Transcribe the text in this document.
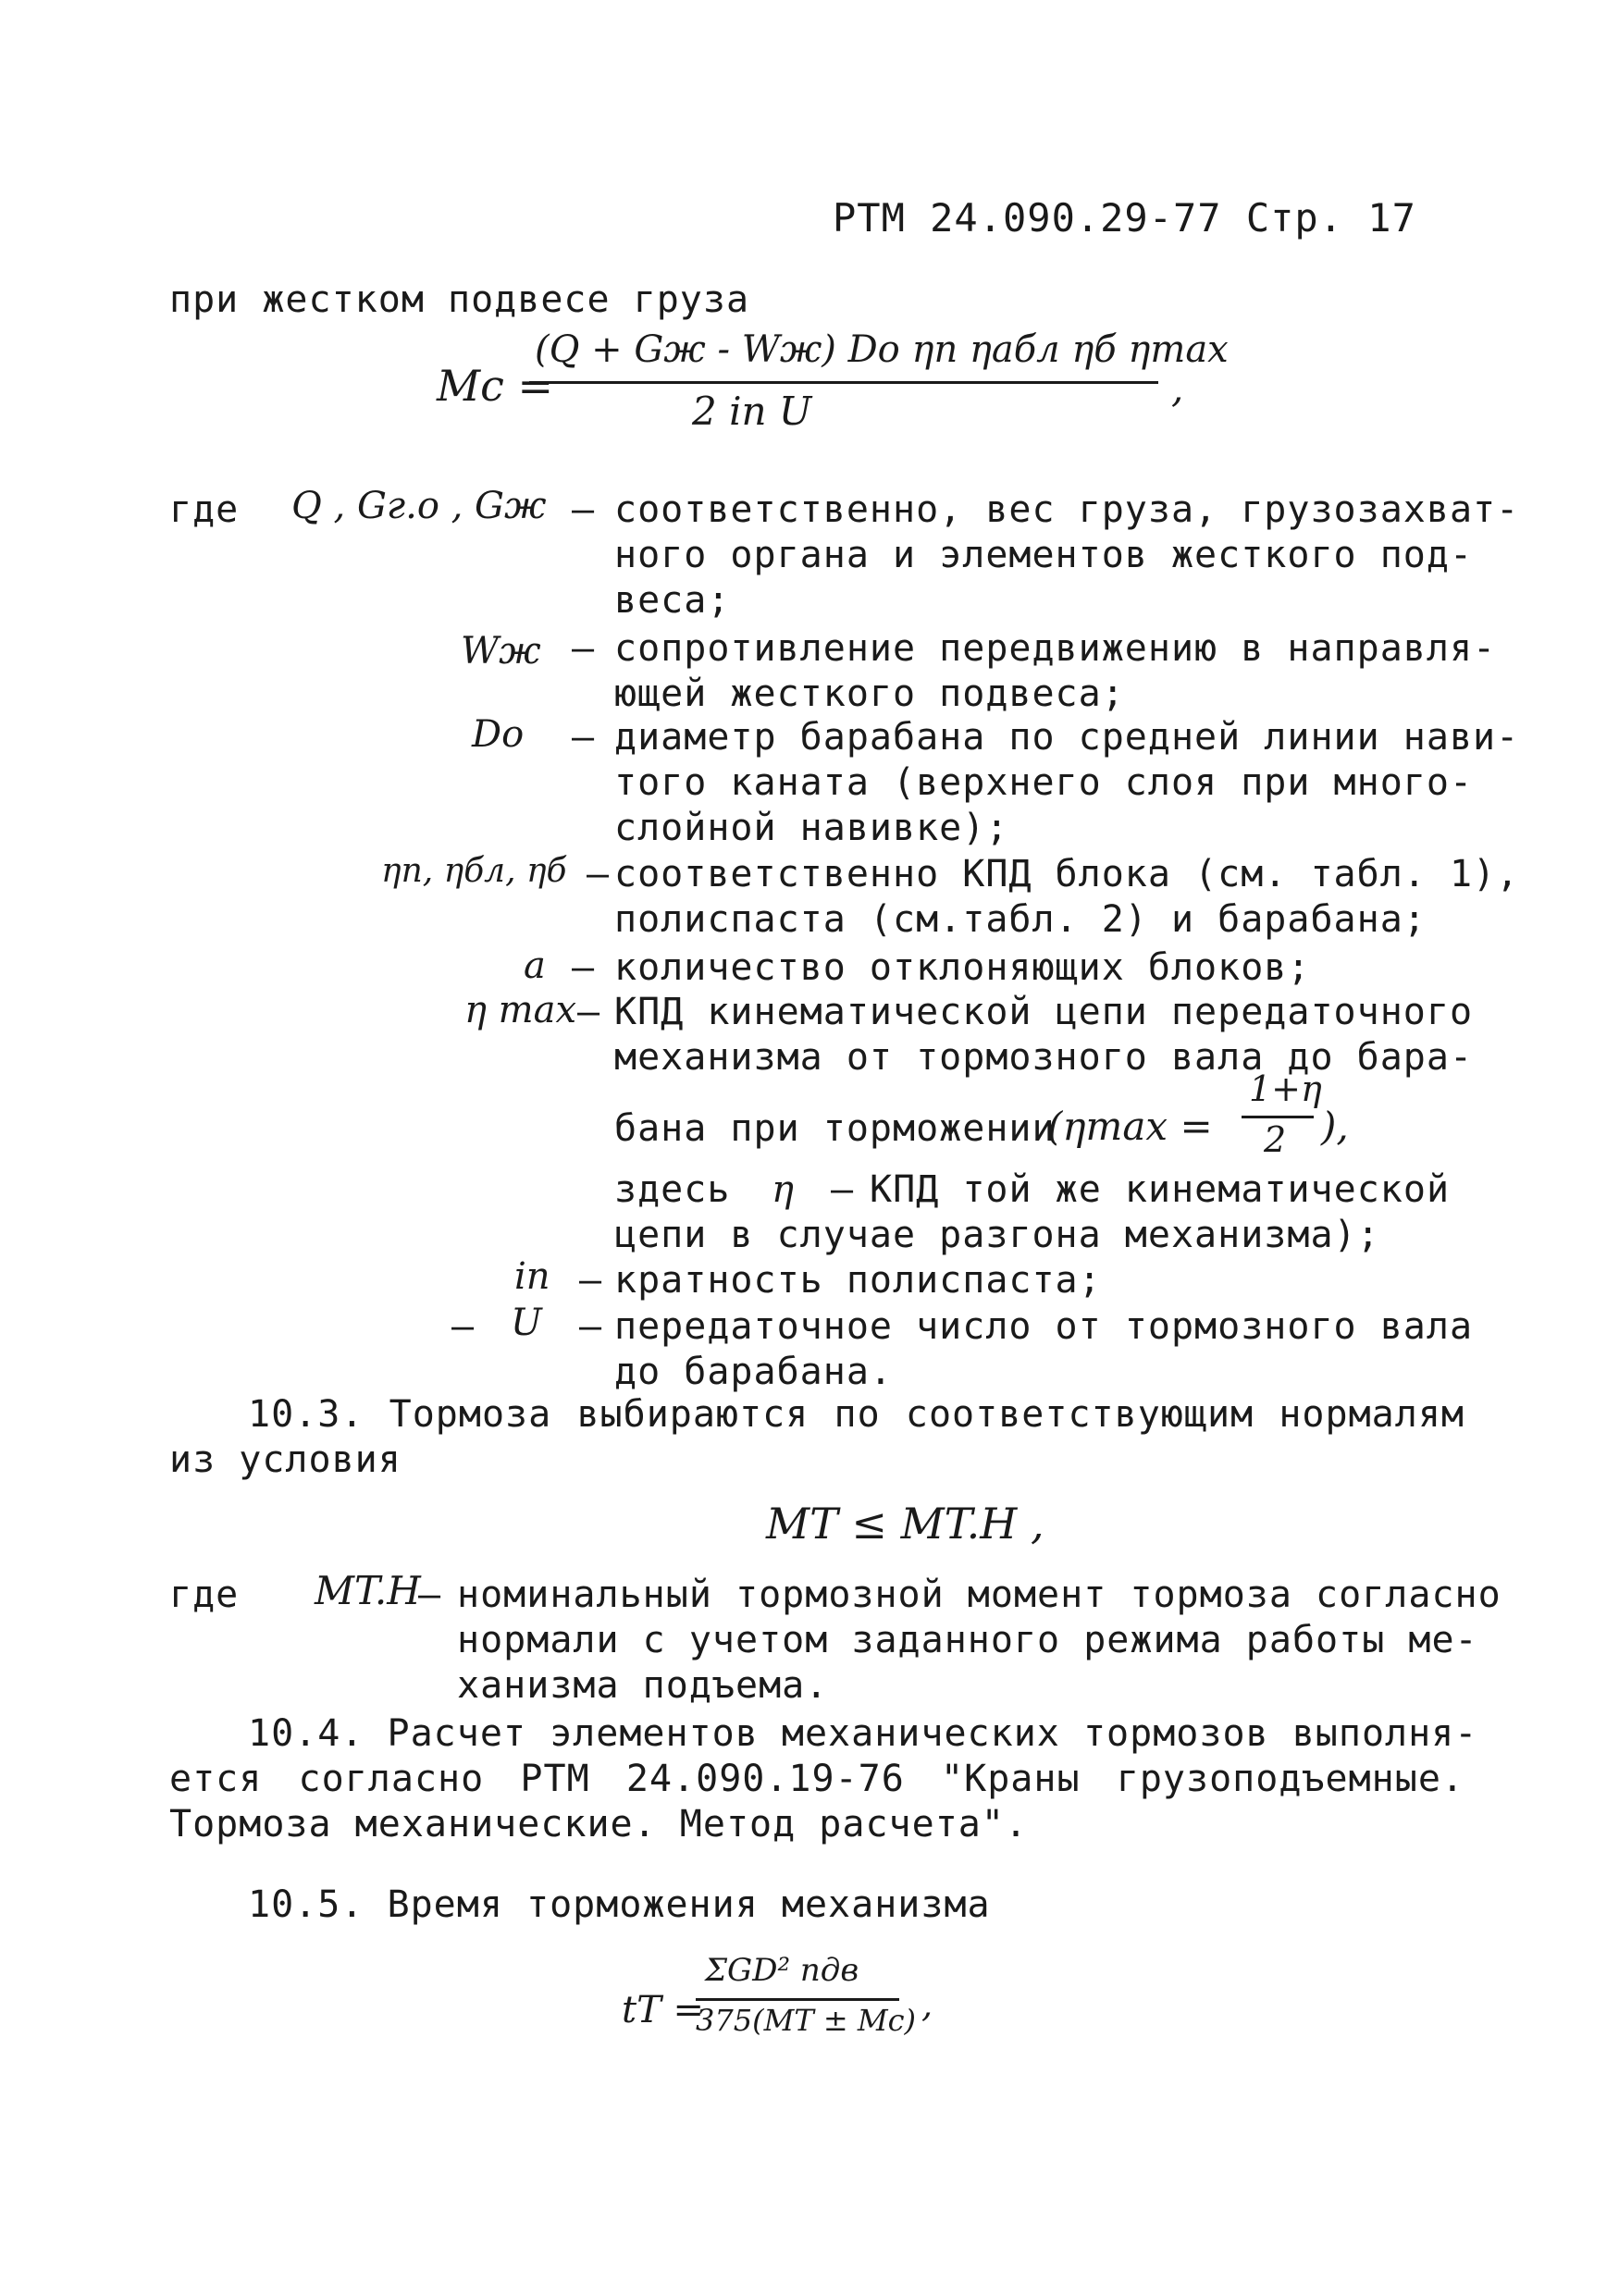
РТМ 24.090.29-77 Стр. 17
при жестком подвесе груза
Mc =
(Q + Gж - Wж) Do ηп ηaбл ηб ηmax
2 iп U
,
где Q , Gг.о , Gж – соответственно, вес груза, грузозахват-
ного органа и элементов жесткого под-
веса;
Wж – сопротивление передвижению в направля-
ющей жесткого подвеса;
Do – диаметр барабана по средней линии нави-
того каната (верхнего слоя при много-
слойной навивке);
ηп, ηбл, ηб – соответственно КПД блока (см. табл. 1),
полиспаста (см.табл. 2) и барабана;
a – количество отклоняющих блоков;
η max – КПД кинематической цепи передаточного
механизма от тормозного вала до бара-
бана при торможении
(ηmax =
1+η
2 ),
здесь η – КПД той же кинематической
цепи в случае разгона механизма);
iп – кратность полиспаста;
– U – передаточное число от тормозного вала
до барабана.
10.3. Тормоза выбираются по соответствующим нормалям
из условия
MT ≤ MT.H ,
где MT.H
– номинальный тормозной момент тормоза согласно
нормали с учетом заданного режима работы ме-
ханизма подъема.
10.4. Расчет элементов механических тормозов выполня-
ется согласно РТМ 24.090.19-76 "Краны грузоподъемные.
Тормоза механические. Метод расчета".
10.5. Время торможения механизма
tT =
ΣGD² nдв
375(MT ± Mc) ,
